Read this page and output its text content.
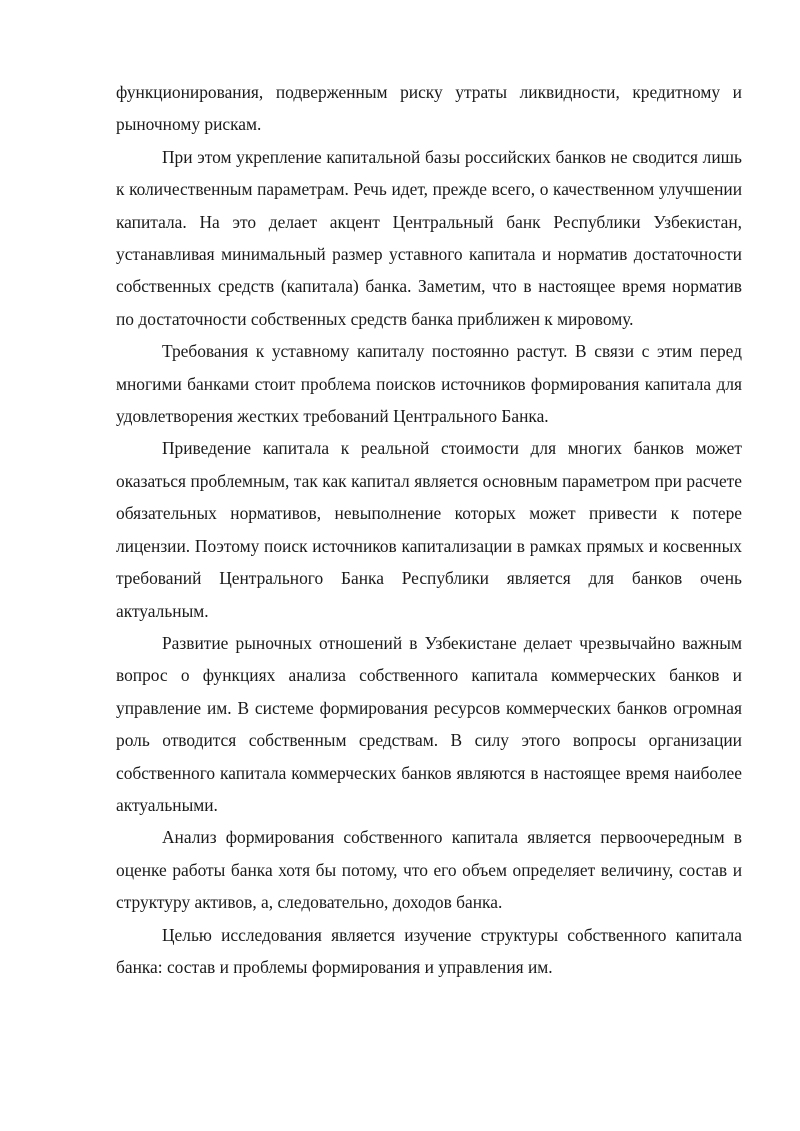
функционирования, подверженным риску утраты ликвидности, кредитному и рыночному рискам.

При этом укрепление капитальной базы российских банков не сводится лишь к количественным параметрам. Речь идет, прежде всего, о качественном улучшении капитала. На это делает акцент Центральный банк Республики Узбекистан, устанавливая минимальный размер уставного капитала и норматив достаточности собственных средств (капитала) банка. Заметим, что в настоящее время норматив по достаточности собственных средств банка приближен к мировому.

Требования к уставному капиталу постоянно растут. В связи с этим перед многими банками стоит проблема поисков источников формирования капитала для удовлетворения жестких требований Центрального Банка.

Приведение капитала к реальной стоимости для многих банков может оказаться проблемным, так как капитал является основным параметром при расчете обязательных нормативов, невыполнение которых может привести к потере лицензии. Поэтому поиск источников капитализации в рамках прямых и косвенных требований Центрального Банка Республики является для банков очень актуальным.

Развитие рыночных отношений в Узбекистане делает чрезвычайно важным вопрос о функциях анализа собственного капитала коммерческих банков и управление им. В системе формирования ресурсов коммерческих банков огромная роль отводится собственным средствам. В силу этого вопросы организации собственного капитала коммерческих банков являются в настоящее время наиболее актуальными.

Анализ формирования собственного капитала является первоочередным в оценке работы банка хотя бы потому, что его объем определяет величину, состав и структуру активов, а, следовательно, доходов банка.

Целью исследования является изучение структуры собственного капитала банка: состав и проблемы формирования и управления им.
